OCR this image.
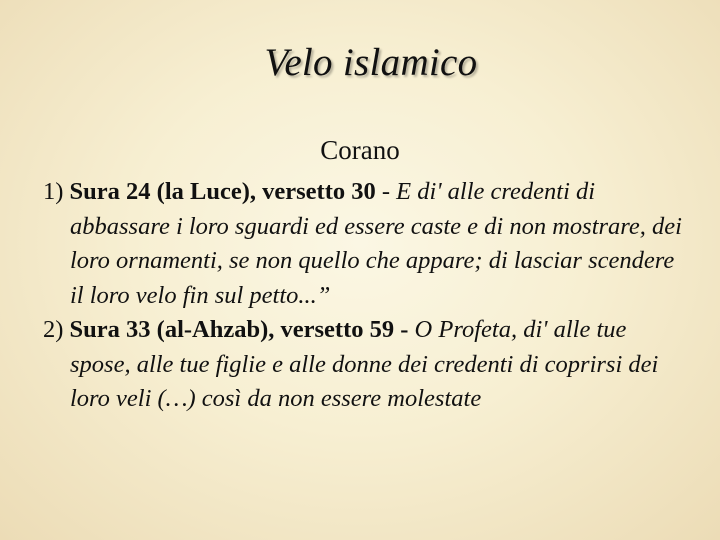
Velo islamico
Corano
1) Sura 24 (la Luce), versetto 30 - E di' alle credenti di abbassare i loro sguardi ed essere caste e di non mostrare, dei loro ornamenti, se non quello che appare; di lasciar scendere il loro velo fin sul petto...”
2) Sura 33 (al-Ahzab), versetto 59 - O Profeta, di' alle tue spose, alle tue figlie e alle donne dei credenti di coprirsi dei loro veli (…) così da non essere molestate
